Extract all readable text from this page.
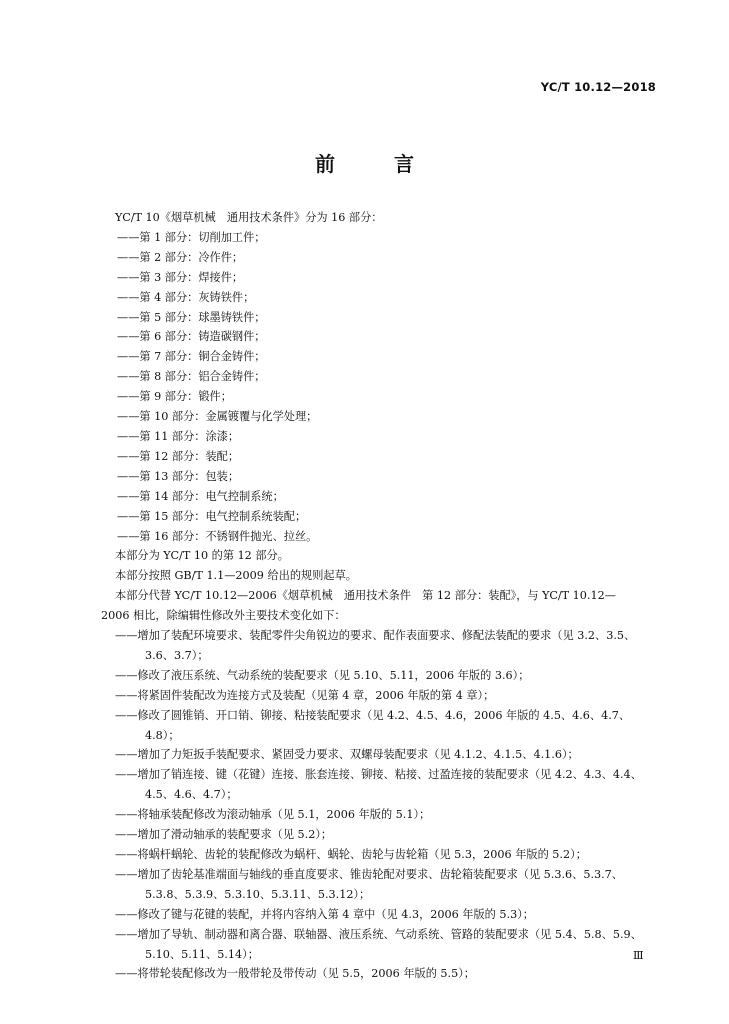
YC/T 10.12—2018
前 言
YC/T 10《烟草机械　通用技术条件》分为 16 部分：
——第 1 部分：切削加工件；
——第 2 部分：冷作件；
——第 3 部分：焊接件；
——第 4 部分：灰铸铁件；
——第 5 部分：球墨铸铁件；
——第 6 部分：铸造碳钢件；
——第 7 部分：铜合金铸件；
——第 8 部分：铝合金铸件；
——第 9 部分：锻件；
——第 10 部分：金属镀覆与化学处理；
——第 11 部分：涂漆；
——第 12 部分：装配；
——第 13 部分：包装；
——第 14 部分：电气控制系统；
——第 15 部分：电气控制系统装配；
——第 16 部分：不锈钢件抛光、拉丝。
本部分为 YC/T 10 的第 12 部分。
本部分按照 GB/T 1.1—2009 给出的规则起草。
本部分代替 YC/T 10.12—2006《烟草机械　通用技术条件　第 12 部分：装配》，与 YC/T 10.12—
2006 相比，除编辑性修改外主要技术变化如下：
——增加了装配环境要求、装配零件尖角锐边的要求、配作表面要求、修配法装配的要求（见 3.2、3.5、3.6、3.7）；
——修改了液压系统、气动系统的装配要求（见 5.10、5.11，2006 年版的 3.6）；
——将紧固件装配改为连接方式及装配（见第 4 章，2006 年版的第 4 章）；
——修改了圆锥销、开口销、铆接、粘接装配要求（见 4.2、4.5、4.6，2006 年版的 4.5、4.6、4.7、4.8）；
——增加了力矩扳手装配要求、紧固受力要求、双螺母装配要求（见 4.1.2、4.1.5、4.1.6）；
——增加了销连接、键（花键）连接、胀套连接、铆接、粘接、过盈连接的装配要求（见 4.2、4.3、4.4、4.5、4.6、4.7）；
——将轴承装配修改为滚动轴承（见 5.1，2006 年版的 5.1）；
——增加了滑动轴承的装配要求（见 5.2）；
——将蜗杆蜗轮、齿轮的装配修改为蜗杆、蜗轮、齿轮与齿轮箱（见 5.3，2006 年版的 5.2）；
——增加了齿轮基准端面与轴线的垂直度要求、锥齿轮配对要求、齿轮箱装配要求（见 5.3.6、5.3.7、5.3.8、5.3.9、5.3.10、5.3.11、5.3.12）；
——修改了键与花键的装配，并将内容纳入第 4 章中（见 4.3，2006 年版的 5.3）；
——增加了导轨、制动器和离合器、联轴器、液压系统、气动系统、管路的装配要求（见 5.4、5.8、5.9、5.10、5.11、5.14）；
——将带轮装配修改为一般带轮及带传动（见 5.5，2006 年版的 5.5）；
Ⅲ
